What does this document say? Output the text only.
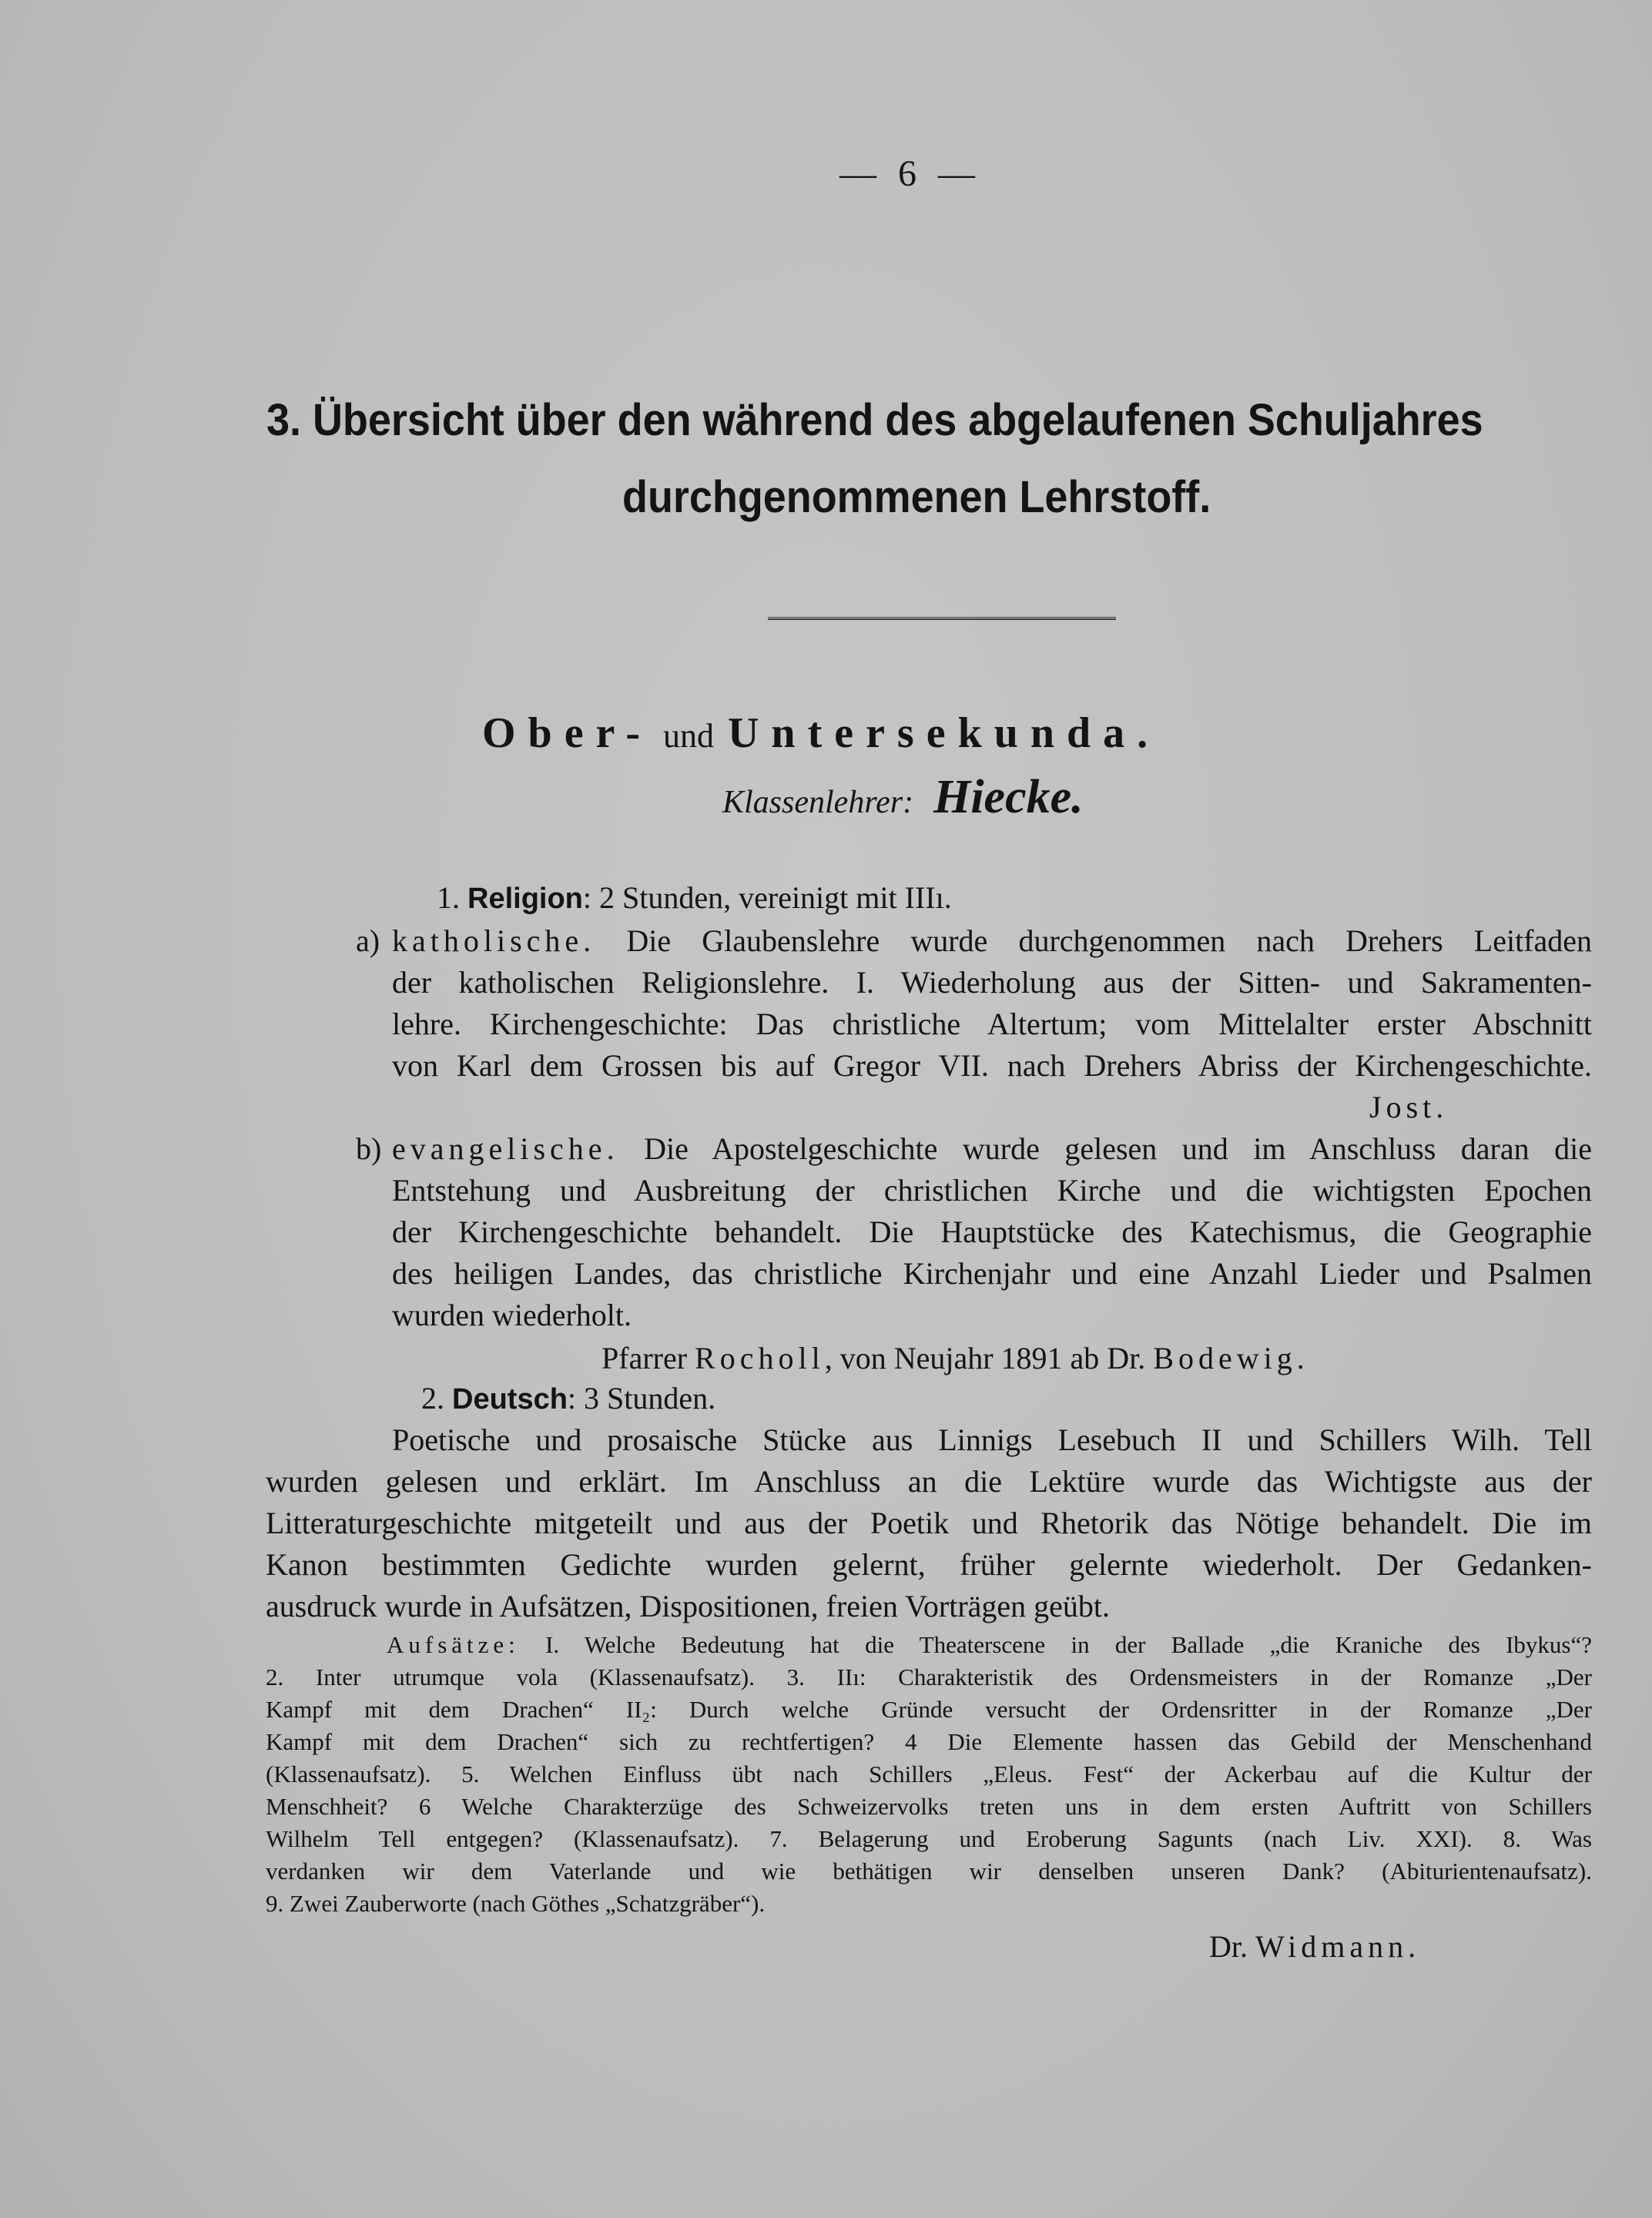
— 6 —
3. Übersicht über den während des abgelaufenen Schuljahres
durchgenommenen Lehrstoff.
Ober- und Untersekunda.
Klassenlehrer: Hiecke.
1. Religion: 2 Stunden, vereinigt mit IIIı.
a) katholische. Die Glaubenslehre wurde durchgenommen nach Drehers Leitfaden
der katholischen Religionslehre. I. Wiederholung aus der Sitten- und Sakramenten-
lehre. Kirchengeschichte: Das christliche Altertum; vom Mittelalter erster Abschnitt
von Karl dem Grossen bis auf Gregor VII. nach Drehers Abriss der Kirchengeschichte.
Jost.
b) evangelische. Die Apostelgeschichte wurde gelesen und im Anschluss daran die
Entstehung und Ausbreitung der christlichen Kirche und die wichtigsten Epochen
der Kirchengeschichte behandelt. Die Hauptstücke des Katechismus, die Geographie
des heiligen Landes, das christliche Kirchenjahr und eine Anzahl Lieder und Psalmen
wurden wiederholt.
Pfarrer Rocholl, von Neujahr 1891 ab Dr. Bodewig.
2. Deutsch: 3 Stunden.
Poetische und prosaische Stücke aus Linnigs Lesebuch II und Schillers Wilh. Tell
wurden gelesen und erklärt. Im Anschluss an die Lektüre wurde das Wichtigste aus der
Litteraturgeschichte mitgeteilt und aus der Poetik und Rhetorik das Nötige behandelt. Die im
Kanon bestimmten Gedichte wurden gelernt, früher gelernte wiederholt. Der Gedanken-
ausdruck wurde in Aufsätzen, Dispositionen, freien Vorträgen geübt.
Aufsätze: I. Welche Bedeutung hat die Theaterscene in der Ballade „die Kraniche des Ibykus“?
2. Inter utrumque vola (Klassenaufsatz). 3. IIı: Charakteristik des Ordensmeisters in der Romanze „Der
Kampf mit dem Drachen“ II₂: Durch welche Gründe versucht der Ordensritter in der Romanze „Der
Kampf mit dem Drachen“ sich zu rechtfertigen? 4 Die Elemente hassen das Gebild der Menschenhand
(Klassenaufsatz). 5. Welchen Einfluss übt nach Schillers „Eleus. Fest“ der Ackerbau auf die Kultur der
Menschheit? 6 Welche Charakterzüge des Schweizervolks treten uns in dem ersten Auftritt von Schillers
Wilhelm Tell entgegen? (Klassenaufsatz). 7. Belagerung und Eroberung Sagunts (nach Liv. XXI). 8. Was
verdanken wir dem Vaterlande und wie bethätigen wir denselben unseren Dank? (Abiturientenaufsatz).
9. Zwei Zauberworte (nach Göthes „Schatzgräber“).
Dr. Widmann.
